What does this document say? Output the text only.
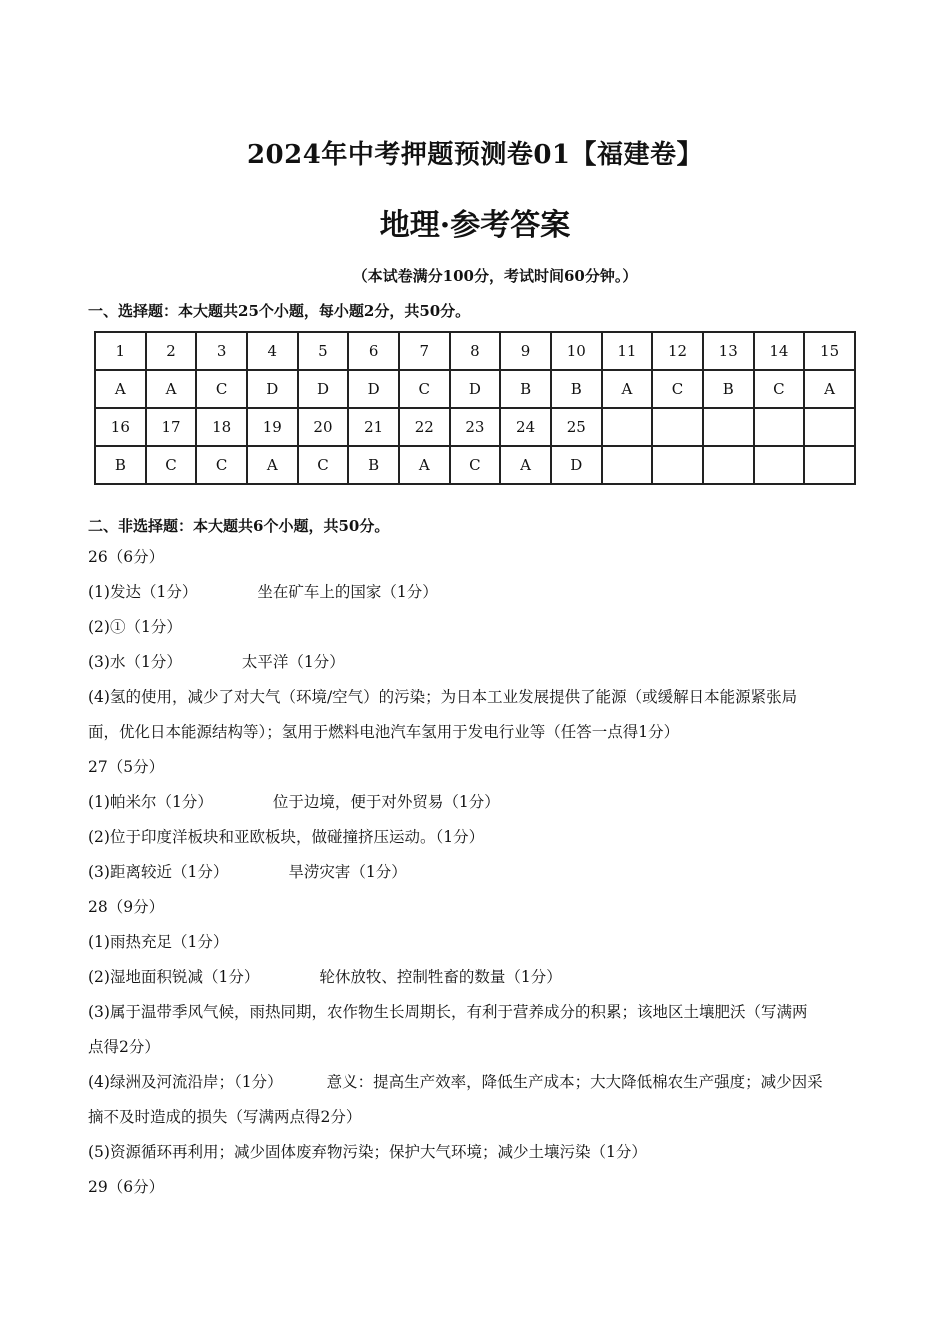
2024年中考押题预测卷01【福建卷】
地理·参考答案
（本试卷满分100分，考试时间60分钟。）
一、选择题：本大题共25个小题，每小题2分，共50分。
1	2	3	4	5	6	7	8	9	10	11	12	13	14	15
A	A	C	D	D	D	C	D	B	B	A	C	B	C	A
16	17	18	19	20	21	22	23	24	25					
B	C	C	A	C	B	A	C	A	D					
二、非选择题：本大题共6个小题，共50分。
26（6分）
(1)发达（1分）	坐在矿车上的国家（1分）
(2)①（1分）
(3)水（1分）	太平洋（1分）
(4)氢的使用，减少了对大气（环境/空气）的污染；为日本工业发展提供了能源（或缓解日本能源紧张局
面，优化日本能源结构等）；氢用于燃料电池汽车氢用于发电行业等（任答一点得1分）
27（5分）
(1)帕米尔（1分）	位于边境，便于对外贸易（1分）
(2)位于印度洋板块和亚欧板块，做碰撞挤压运动。（1分）
(3)距离较近（1分）	旱涝灾害（1分）
28（9分）
(1)雨热充足（1分）
(2)湿地面积锐减（1分）	轮休放牧、控制牲畜的数量（1分）
(3)属于温带季风气候，雨热同期，农作物生长周期长，有利于营养成分的积累；该地区土壤肥沃（写满两
点得2分）
(4)绿洲及河流沿岸；（1分）	意义：提高生产效率，降低生产成本；大大降低棉农生产强度；减少因采
摘不及时造成的损失（写满两点得2分）
(5)资源循环再利用；减少固体废弃物污染；保护大气环境；减少土壤污染（1分）
29（6分）
